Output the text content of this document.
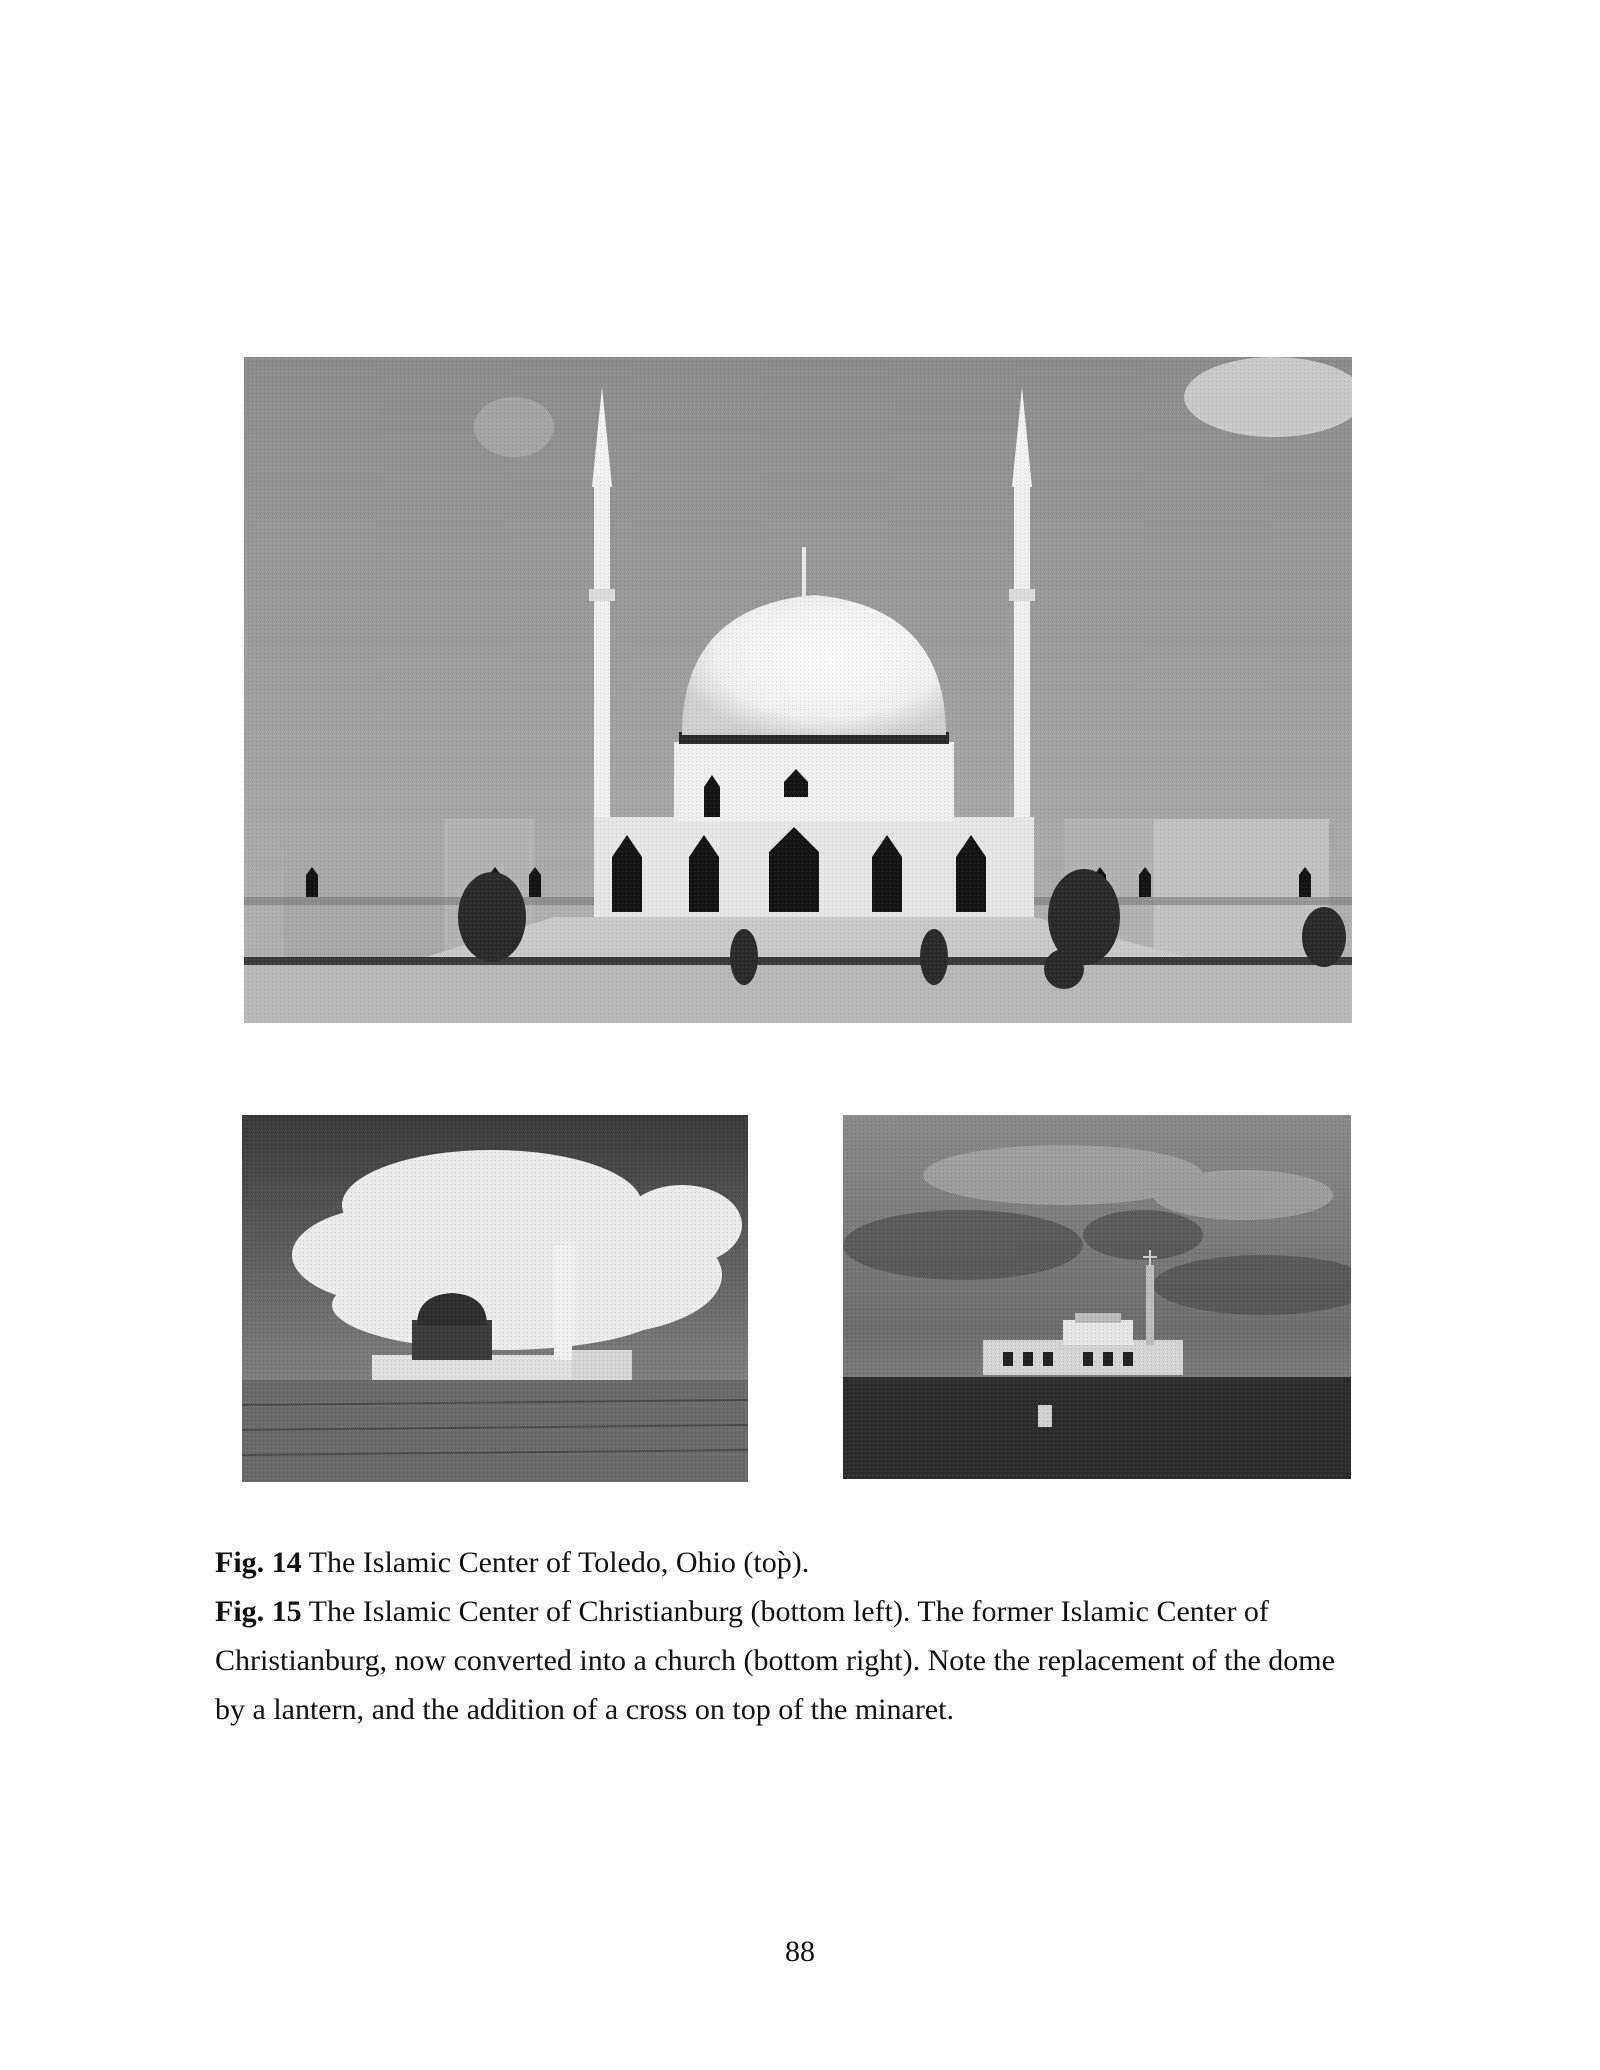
Fig. 14 The Islamic Center of Toledo, Ohio (top̀).

Fig. 15 The Islamic Center of Christianburg (bottom left). The former Islamic Center of Christianburg, now converted into a church (bottom right). Note the replacement of the dome by a lantern, and the addition of a cross on top of the minaret.

88
